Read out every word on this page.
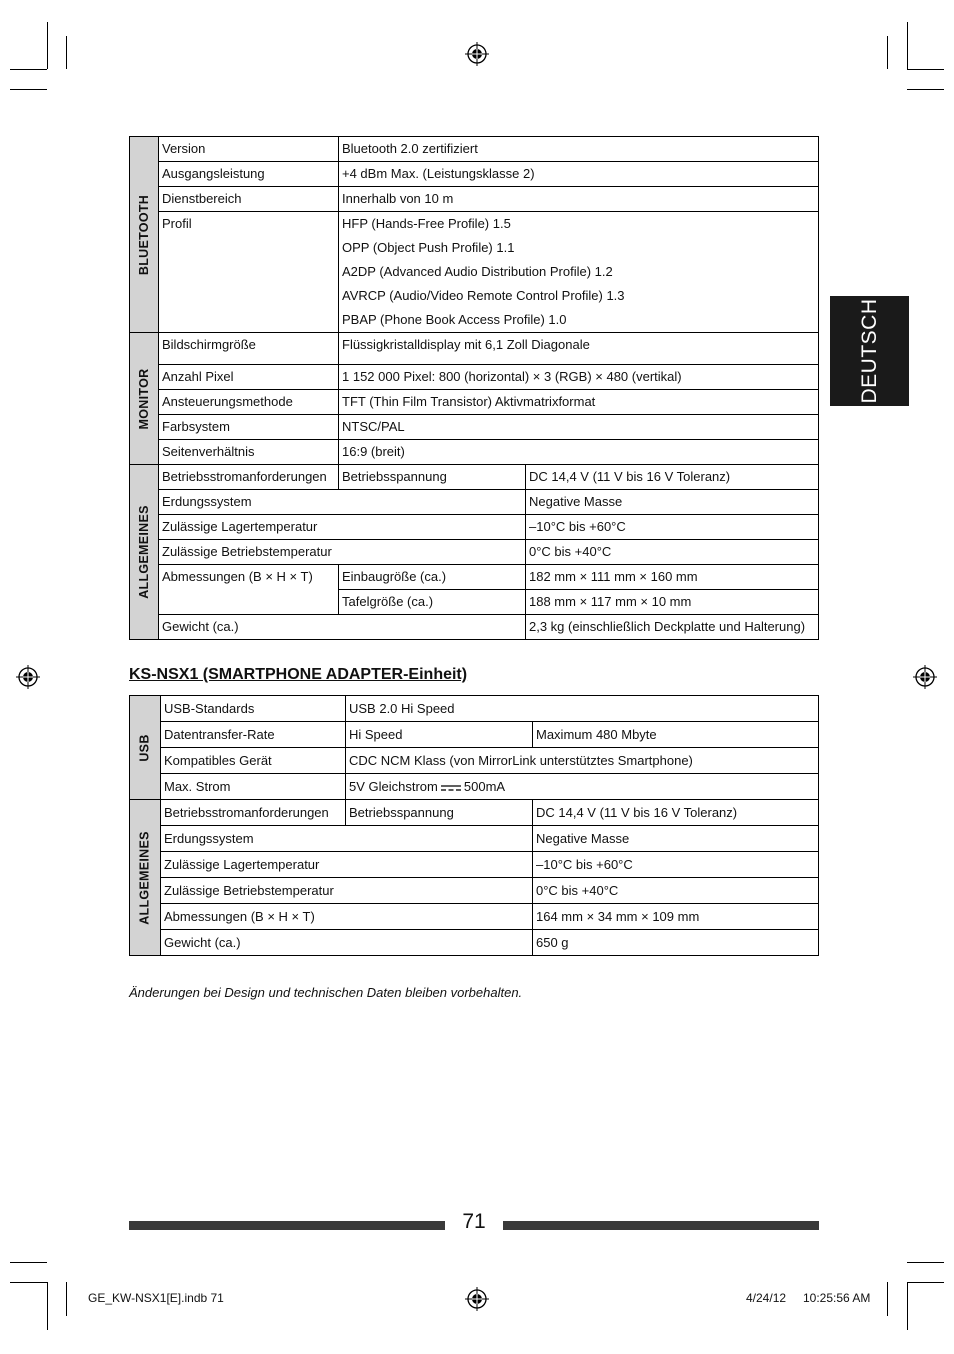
DEUTSCH
BLUETOOTH	Version	Bluetooth 2.0 zertifiziert	
	Ausgangsleistung	+4 dBm Max. (Leistungsklasse 2)	
	Dienstbereich	Innerhalb von 10 m	
	Profil	HFP (Hands-Free Profile) 1.5
OPP (Object Push Profile) 1.1
A2DP (Advanced Audio Distribution Profile) 1.2
AVRCP (Audio/Video Remote Control Profile) 1.3
PBAP (Phone Book Access Profile) 1.0	

MONITOR	Bildschirmgröße	Flüssigkristalldisplay mit 6,1 Zoll Diagonale	
	Anzahl Pixel	1 152 000 Pixel: 800 (horizontal) × 3 (RGB) × 480 (vertikal)	
	Ansteuerungsmethode	TFT (Thin Film Transistor) Aktivmatrixformat	
	Farbsystem	NTSC/PAL	
	Seitenverhältnis	16:9 (breit)	

ALLGEMEINES	Betriebsstromanforderungen	Betriebsspannung	DC 14,4 V (11 V bis 16 V Toleranz)
	Erdungssystem		Negative Masse
	Zulässige Lagertemperatur		–10°C bis +60°C
	Zulässige Betriebstemperatur		0°C bis +40°C
	Abmessungen (B × H × T)	Einbaugröße (ca.)	182 mm × 111 mm × 160 mm
		Tafelgröße (ca.)	188 mm × 117 mm × 10 mm
	Gewicht (ca.)		2,3 kg (einschließlich Deckplatte und Halterung)
KS-NSX1 (SMARTPHONE ADAPTER-Einheit)
USB	USB-Standards	USB 2.0 Hi Speed	
	Datentransfer-Rate	Hi Speed	Maximum 480 Mbyte
	Kompatibles Gerät	CDC NCM Klass (von MirrorLink unterstütztes Smartphone)	
	Max. Strom	5V Gleichstrom 500mA	

ALLGEMEINES	Betriebsstromanforderungen	Betriebsspannung	DC 14,4 V (11 V bis 16 V Toleranz)
	Erdungssystem		Negative Masse
	Zulässige Lagertemperatur		–10°C bis +60°C
	Zulässige Betriebstemperatur		0°C bis +40°C
	Abmessungen (B × H × T)		164 mm × 34 mm × 109 mm
	Gewicht (ca.)		650 g
Änderungen bei Design und technischen Daten bleiben vorbehalten.
71
GE_KW-NSX1[E].indb 71	4/24/12 10:25:56 AM
